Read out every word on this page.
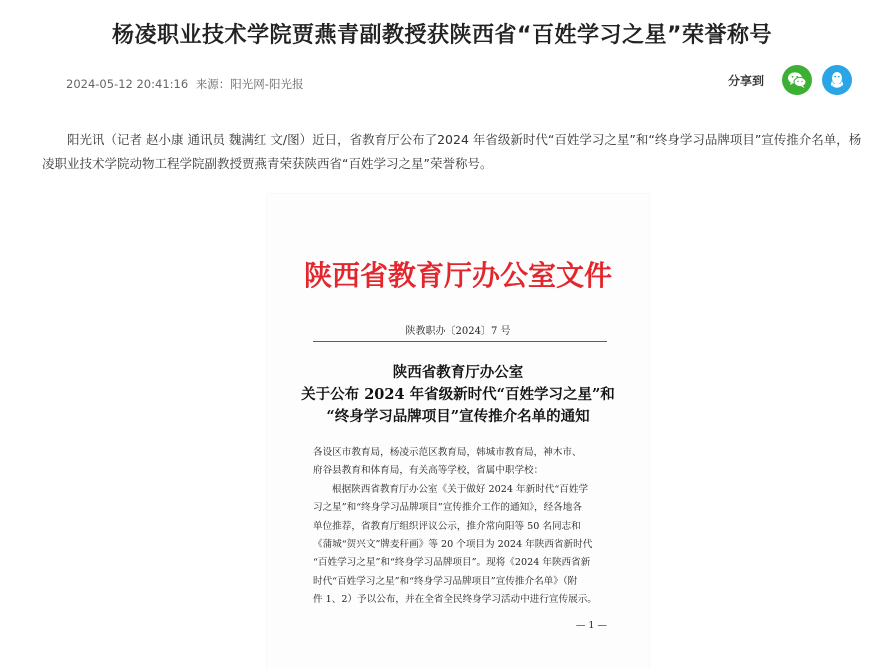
杨凌职业技术学院贾燕青副教授获陕西省“百姓学习之星”荣誉称号
2024-05-12 20:41:16 来源：阳光网-阳光报	分享到

阳光讯（记者 赵小康 通讯员 魏满红 文/图）近日，省教育厅公布了2024 年省级新时代“百姓学习之星”和“终身学习品牌项目”宣传推介名单，杨凌职业技术学院动物工程学院副教授贾燕青荣获陕西省“百姓学习之星”荣誉称号。

陕西省教育厅办公室文件
陕教职办〔2024〕7 号
陕西省教育厅办公室
关于公布 2024 年省级新时代“百姓学习之星”和
“终身学习品牌项目”宣传推介名单的通知

各设区市教育局，杨凌示范区教育局，韩城市教育局，神木市、

府谷县教育和体育局，有关高等学校，省属中职学校：

根据陕西省教育厅办公室《关于做好 2024 年新时代“百姓学

习之星”和“终身学习品牌项目”宣传推介工作的通知》，经各地各

单位推荐，省教育厅组织评议公示，推介常向阳等 50 名同志和

《蒲城“贺兴文”牌麦秆画》等 20 个项目为 2024 年陕西省新时代

“百姓学习之星”和“终身学习品牌项目”。现将《2024 年陕西省新

时代“百姓学习之星”和“终身学习品牌项目”宣传推介名单》（附

件 1、2）予以公布，并在全省全民终身学习活动中进行宣传展示。

— 1 —
